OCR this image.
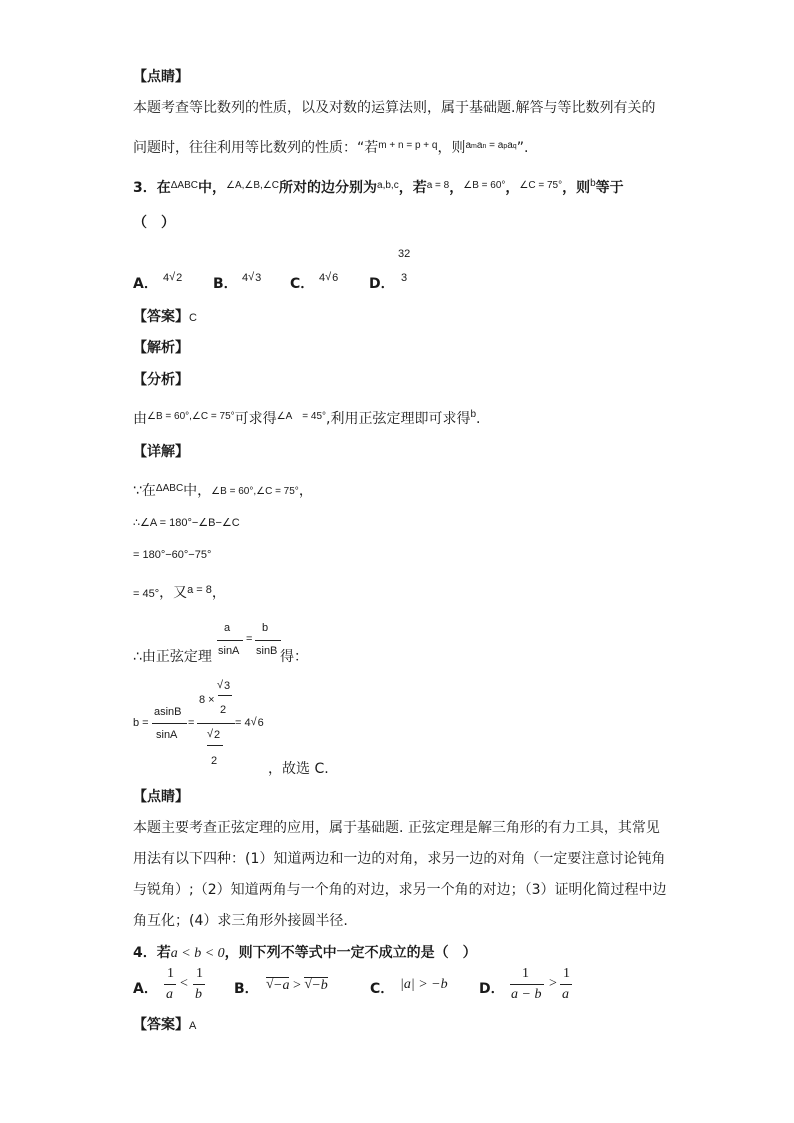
【点睛】
本题考查等比数列的性质，以及对数的运算法则，属于基础题.解答与等比数列有关的
问题时，往往利用等比数列的性质：“若$^{m + n = p + q}$，则$^{aman = apaq}$”.
3．在$^{\Delta ABC}$中，$^{\angle A,\angle B,\angle C}$所对的边分别为$^{a,b,c}$，若$^{a = 8}$，$^{\angle B = 60^\circ}$，$^{\angle C = 75^\circ}$，则$^b$等于
（　）
A． 4 √ 2 B． 4 √ 3 C． 4 √ 6 D．
32
3
【答案】C
【解析】
【分析】
由$^{\angle B = 60^\circ,\angle C = 75^\circ}$可求得$^{\angle A}$ $^{= 45^\circ}$,利用正弦定理即可求得$^b$.
【详解】
∵在$^{\Delta ABC}$中，∠B = 60°,∠C = 75°，
∴∠A = 180°−∠B−∠C
= 180°−60°−75°
= 45°，又$^{a = 8}$，
∴由正弦定理
a
sinA
=
b
sinB 得：
b =
asinB
sinA
=
8 ×
√ 3
2
√ 2
2
= 4 √ 6
，故选 C.
【点睛】
本题主要考查正弦定理的应用，属于基础题. 正弦定理是解三角形的有力工具，其常见
用法有以下四种：(1）知道两边和一边的对角，求另一边的对角（一定要注意讨论钝角
与锐角）;（2）知道两角与一个角的对边，求另一个角的对边；（3）证明化简过程中边
角互化；(4）求三角形外接圆半径.
4．若a < b < 0，则下列不等式中一定不成立的是（　）
A．
1
a
<
1
b B．	√ −a > √ −b	C． |a| > −b D．
1
a − b
>
1
a
【答案】A
